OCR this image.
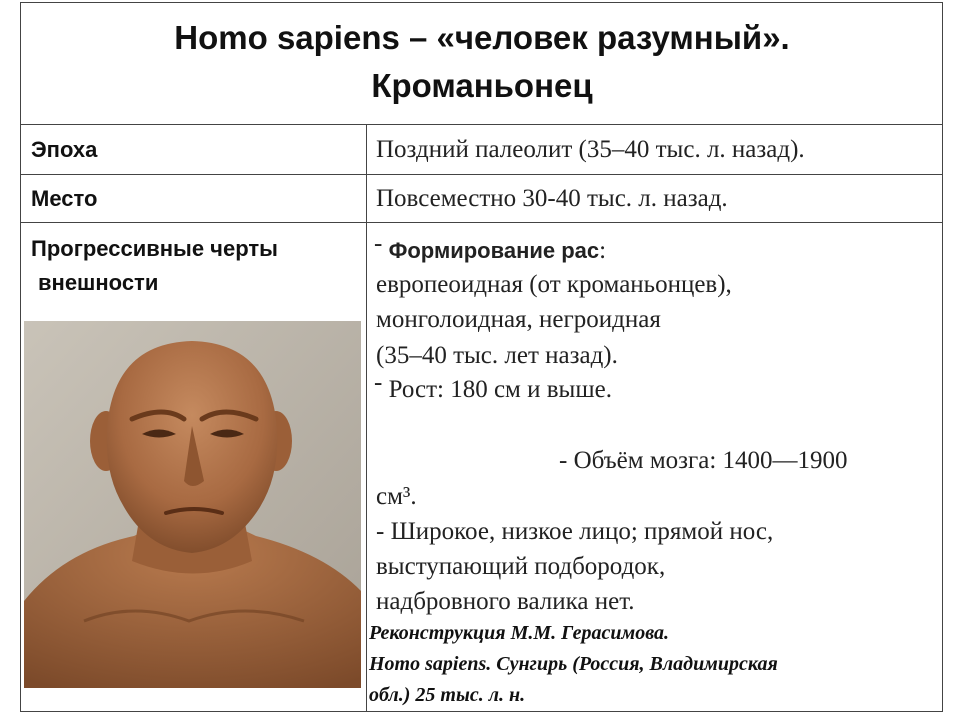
Homo sapiens – «человек разумный».
Кроманьонец
Эпоха	Поздний палеолит (35–40 тыс. л. назад).
Место	Повсеместно 30-40 тыс. л. назад.
Прогрессивные черты
внешности
- Формирование рас:
европеоидная (от кроманьонцев),
монголоидная, негроидная
(35–40 тыс. лет назад).
- Рост: 180 см и выше.
- Объём мозга: 1400—1900
см³.
- Широкое, низкое лицо; прямой нос,
выступающий подбородок,
надбровного валика нет.
Реконструкция М.М. Герасимова.
Homo sapiens. Сунгирь (Россия, Владимирская
обл.) 25 тыс. л. н.
